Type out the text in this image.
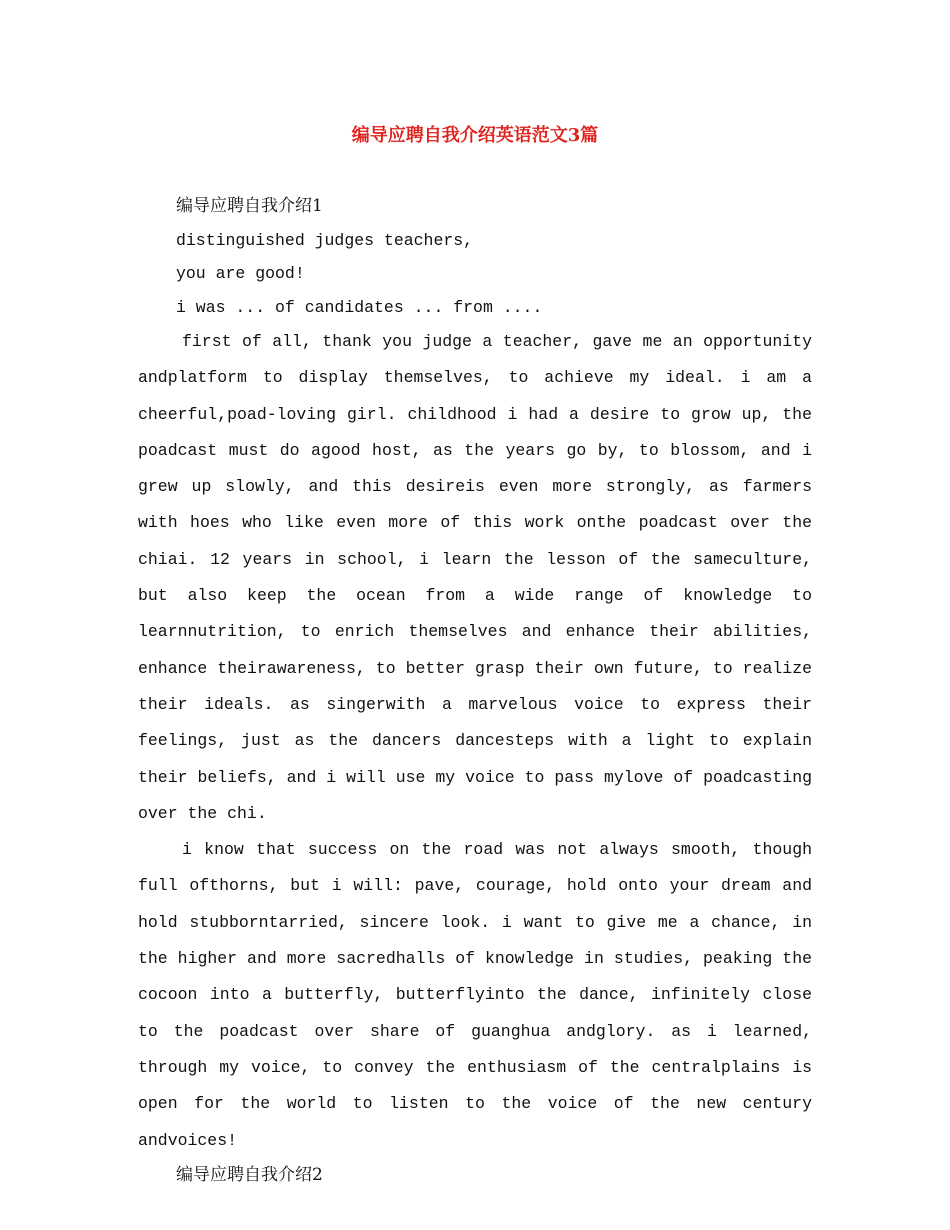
编导应聘自我介绍英语范文3篇

编导应聘自我介绍1

distinguished judges teachers,

you are good!

i was ... of candidates ... from ....

first of all, thank you judge a teacher, gave me an opportunity andplatform to display themselves, to achieve my ideal. i am a cheerful,poad-loving girl. childhood i had a desire to grow up, the poadcast must do agood host, as the years go by, to blossom, and i grew up slowly, and this desireis even more strongly, as farmers with hoes who like even more of this work onthe poadcast over the chiai. 12 years in school, i learn the lesson of the sameculture, but also keep the ocean from a wide range of knowledge to learnnutrition, to enrich themselves and enhance their abilities, enhance theirawareness, to better grasp their own future, to realize their ideals. as singerwith a marvelous voice to express their feelings, just as the dancers dancesteps with a light to explain their beliefs, and i will use my voice to pass mylove of poadcasting over the chi.

i know that success on the road was not always smooth, though full ofthorns, but i will: pave, courage, hold onto your dream and hold stubborntarried, sincere look. i want to give me a chance, in the higher and more sacredhalls of knowledge in studies, peaking the cocoon into a butterfly, butterflyinto the dance, infinitely close to the poadcast over share of guanghua andglory. as i learned, through my voice, to convey the enthusiasm of the centralplains is open for the world to listen to the voice of the new century andvoices!

编导应聘自我介绍2
